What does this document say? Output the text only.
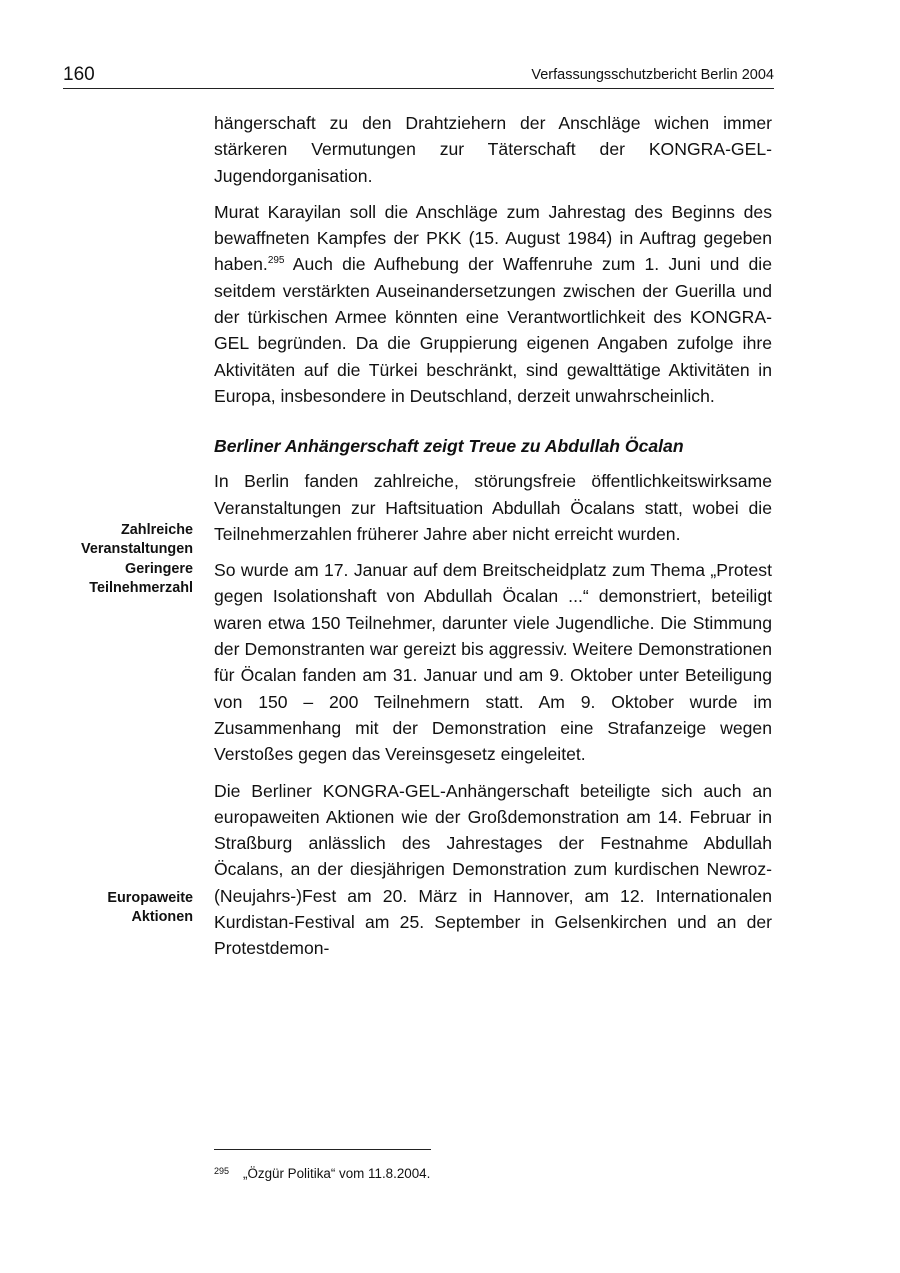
160	Verfassungsschutzbericht Berlin 2004
Zahlreiche
Veranstaltungen
Geringere
Teilnehmerzahl
Europaweite
Aktionen

hängerschaft zu den Drahtziehern der Anschläge wichen immer stärkeren Vermutungen zur Täterschaft der KONGRA-GEL-Jugendorganisation.

Murat Karayilan soll die Anschläge zum Jahrestag des Beginns des bewaffneten Kampfes der PKK (15. August 1984) in Auftrag gegeben haben.$^{295}$ Auch die Aufhebung der Waffenruhe zum 1. Juni und die seitdem verstärkten Auseinandersetzungen zwischen der Guerilla und der türkischen Armee könnten eine Verantwortlichkeit des KONGRA-GEL begründen. Da die Gruppierung eigenen Angaben zufolge ihre Aktivitäten auf die Türkei beschränkt, sind gewalttätige Aktivitäten in Europa, insbesondere in Deutschland, derzeit unwahrscheinlich.

Berliner Anhängerschaft zeigt Treue zu Abdullah Öcalan

In Berlin fanden zahlreiche, störungsfreie öffentlichkeitswirksame Veranstaltungen zur Haftsituation Abdullah Öcalans statt, wobei die Teilnehmerzahlen früherer Jahre aber nicht erreicht wurden.

So wurde am 17. Januar auf dem Breitscheidplatz zum Thema „Protest gegen Isolationshaft von Abdullah Öcalan ...“ demonstriert, beteiligt waren etwa 150 Teilnehmer, darunter viele Jugendliche. Die Stimmung der Demonstranten war gereizt bis aggressiv. Weitere Demonstrationen für Öcalan fanden am 31. Januar und am 9. Oktober unter Beteiligung von 150 – 200 Teilnehmern statt. Am 9. Oktober wurde im Zusammenhang mit der Demonstration eine Strafanzeige wegen Verstoßes gegen das Vereinsgesetz eingeleitet.

Die Berliner KONGRA-GEL-Anhängerschaft beteiligte sich auch an europaweiten Aktionen wie der Großdemonstration am 14. Februar in Straßburg anlässlich des Jahrestages der Festnahme Abdullah Öcalans, an der diesjährigen Demonstration zum kurdischen Newroz- (Neujahrs-)Fest am 20. März in Hannover, am 12. Internationalen Kurdistan-Festival am 25. September in Gelsenkirchen und an der Protestdemon-

$^{295}$ „Özgür Politika“ vom 11.8.2004.
